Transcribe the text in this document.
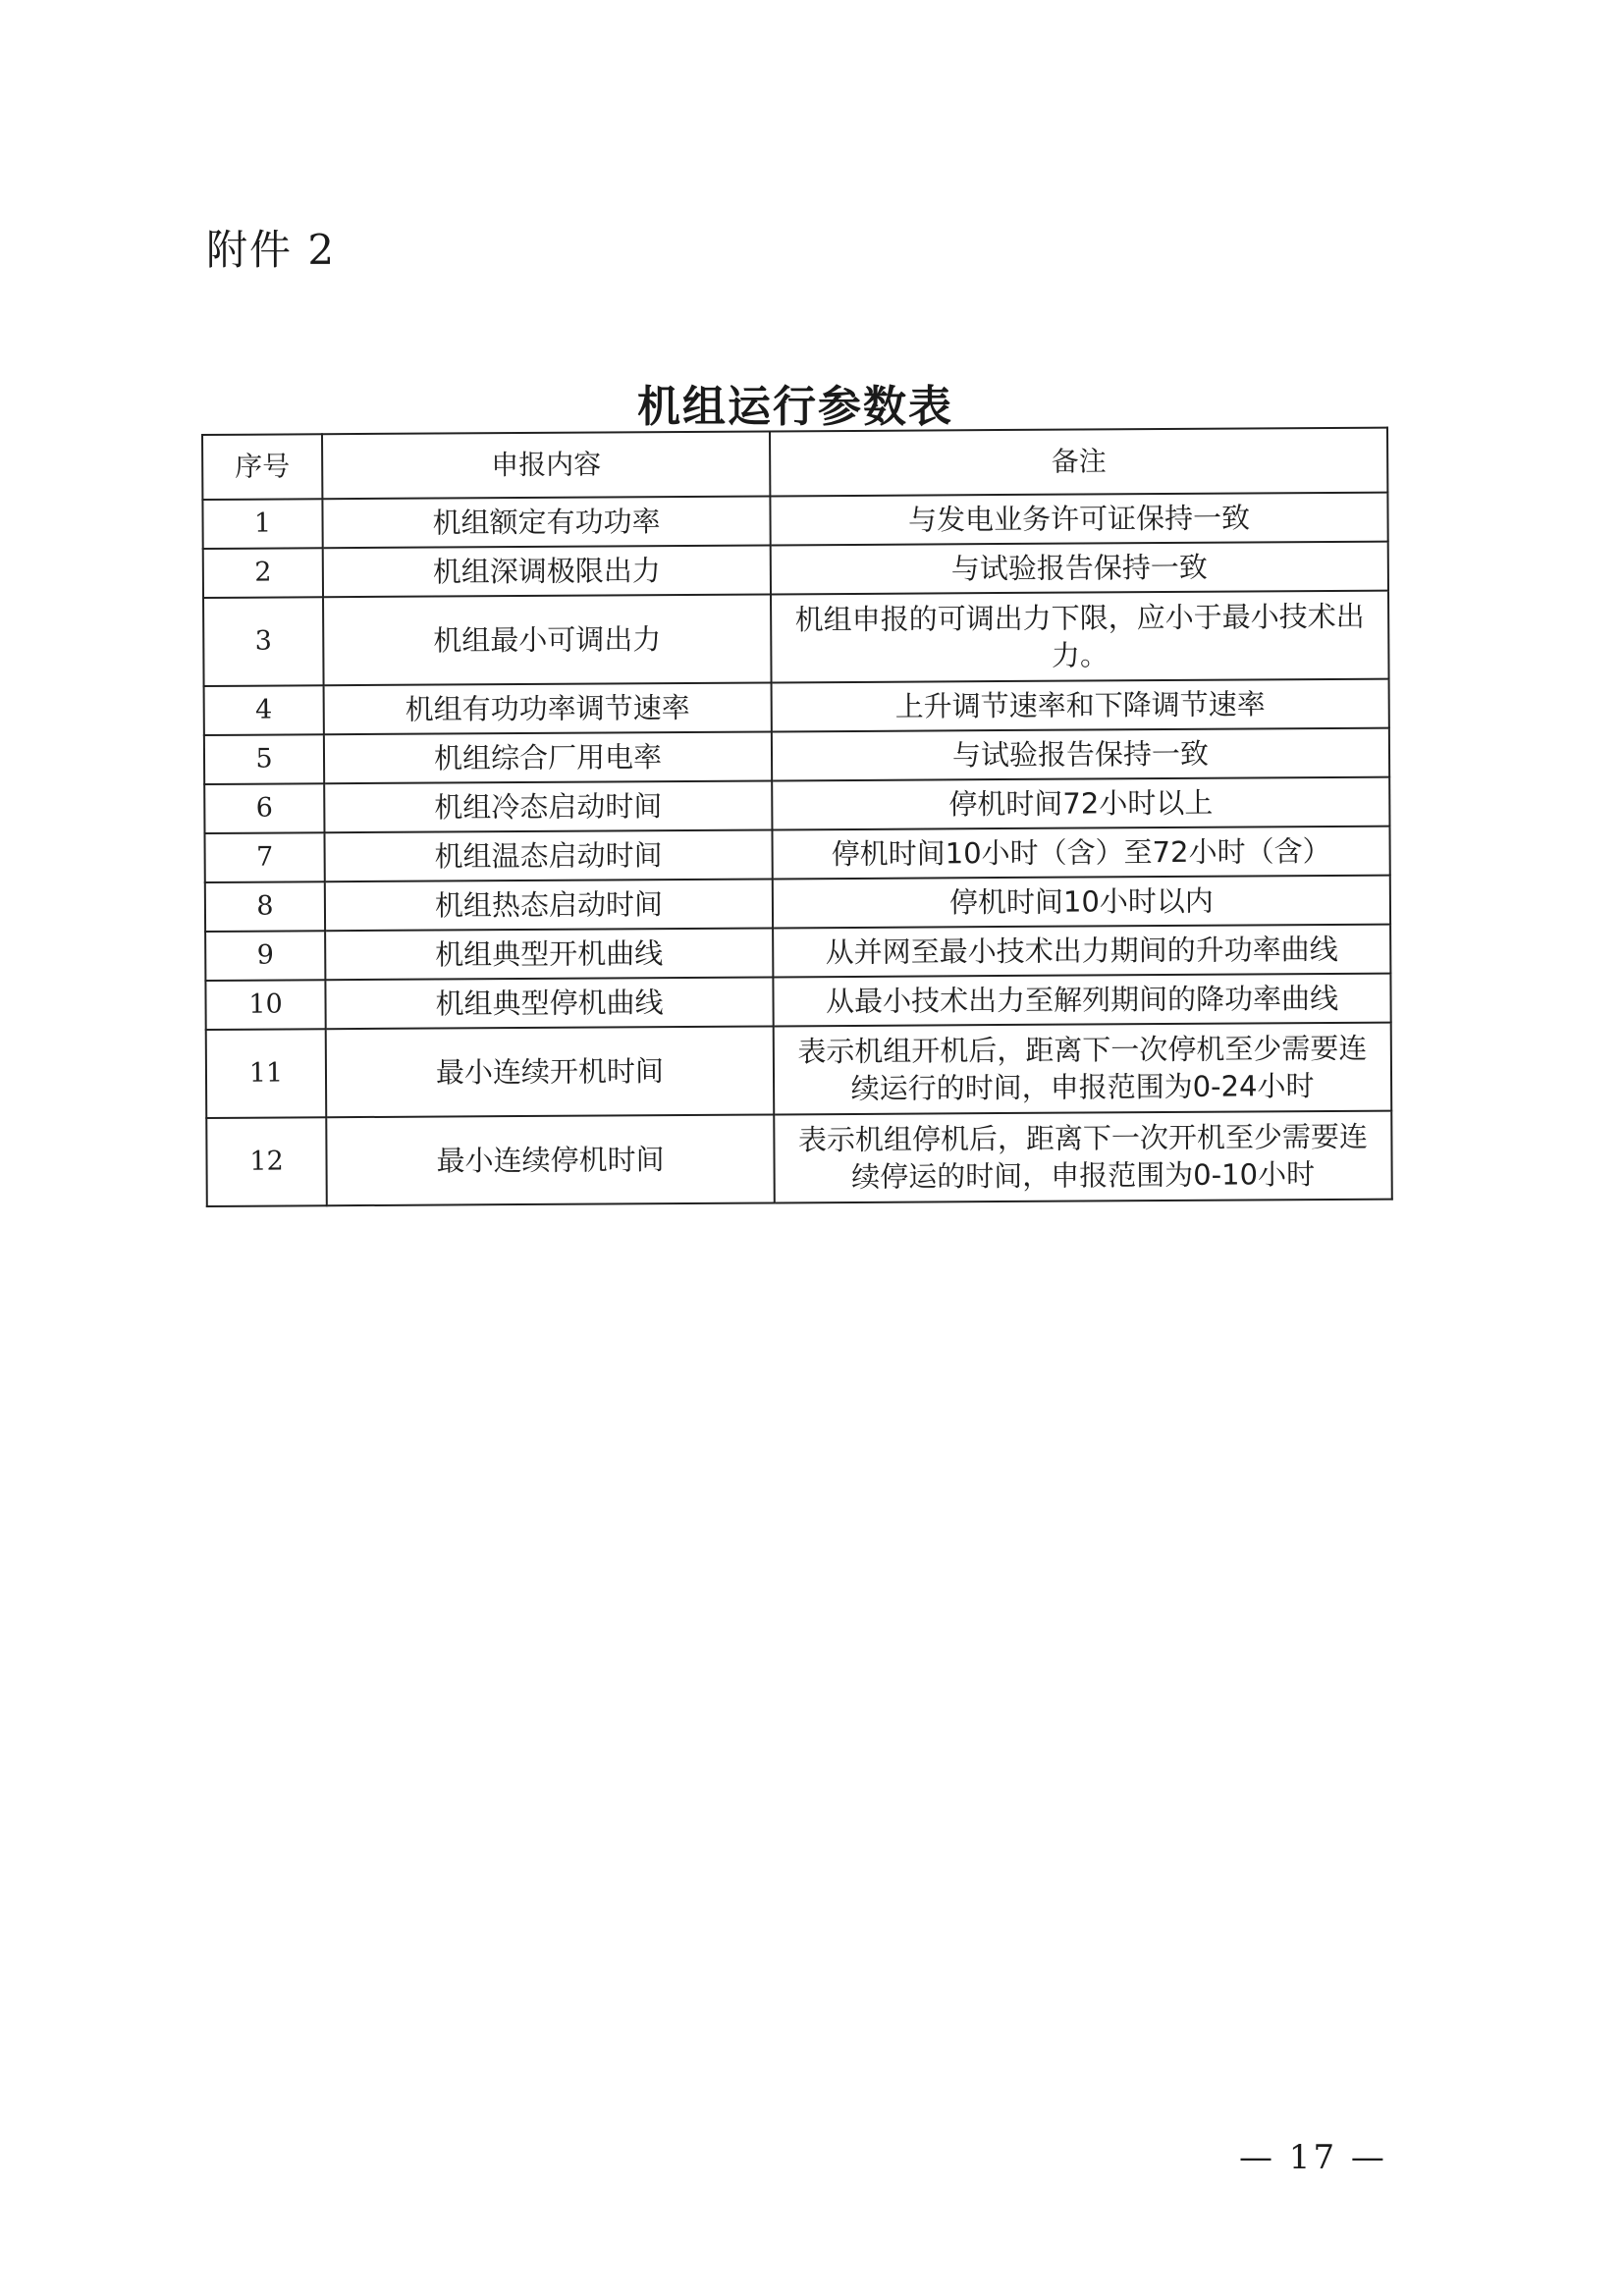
附件 2
机组运行参数表
序号	申报内容	备注
1	机组额定有功功率	与发电业务许可证保持一致
2	机组深调极限出力	与试验报告保持一致
3	机组最小可调出力	机组申报的可调出力下限，应小于最小技术出力。
4	机组有功功率调节速率	上升调节速率和下降调节速率
5	机组综合厂用电率	与试验报告保持一致
6	机组冷态启动时间	停机时间72小时以上
7	机组温态启动时间	停机时间10小时（含）至72小时（含）
8	机组热态启动时间	停机时间10小时以内
9	机组典型开机曲线	从并网至最小技术出力期间的升功率曲线
10	机组典型停机曲线	从最小技术出力至解列期间的降功率曲线
11	最小连续开机时间	表示机组开机后，距离下一次停机至少需要连续运行的时间，申报范围为0-24小时
12	最小连续停机时间	表示机组停机后，距离下一次开机至少需要连续停运的时间，申报范围为0-10小时
— 17 —
